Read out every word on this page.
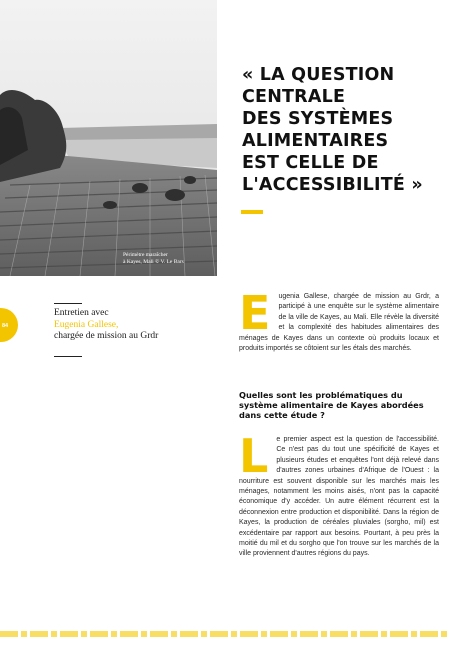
Périmètre maraîcher
à Kayes, Mali © V. Le Bars
« LA QUESTION
CENTRALE
DES SYSTÈMES
ALIMENTAIRES
EST CELLE DE
L'ACCESSIBILITÉ »
84
Entretien avec
Eugenia Gallese,
chargée de mission au Grdr	E	ugenia Gallese, chargée de mission au Grdr, a participé à une enquête sur le système alimentaire de la ville de Kayes, au Mali. Elle révèle la diversité et la complexité des habitudes alimentaires des ménages de Kayes dans un contexte où produits locaux et produits importés se côtoient sur les étals des marchés.

Quelles sont les problématiques du système alimentaire de Kayes abordées dans cette étude ?
L	e premier aspect est la question de l'accessibilité. Ce n'est pas du tout une spécificité de Kayes et plusieurs études et enquêtes l'ont déjà relevé dans d'autres zones urbaines d'Afrique de l'Ouest : la nourriture est souvent disponible sur les marchés mais les ménages, notamment les moins aisés, n'ont pas la capacité économique d'y accéder. Un autre élément récurrent est la déconnexion entre production et disponibilité. Dans la région de Kayes, la production de céréales pluviales (sorgho, mil) est excédentaire par rapport aux besoins. Pourtant, à peu près la moitié du mil et du sorgho que l'on trouve sur les marchés de la ville proviennent d'autres régions du pays.
